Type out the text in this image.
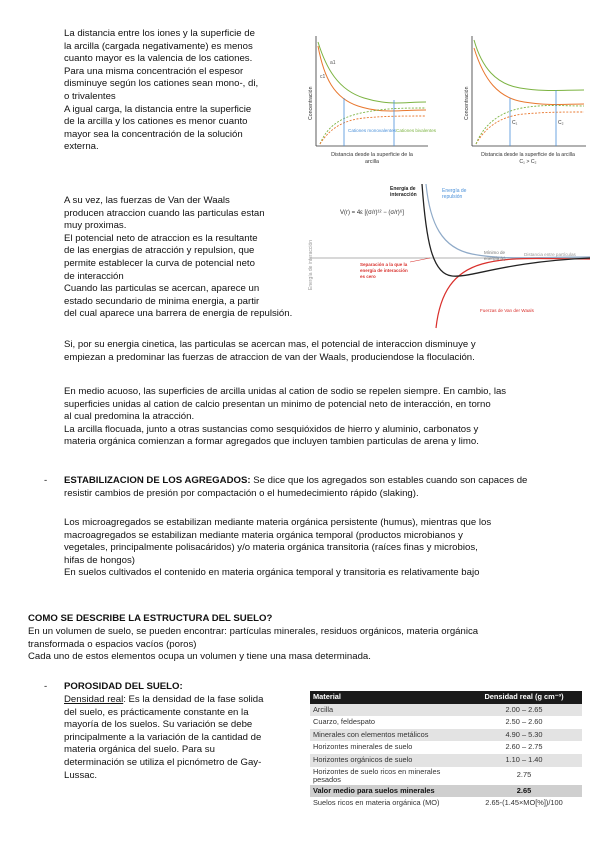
La distancia entre los iones y la superficie de
la arcilla (cargada negativamente) es menos
cuanto mayor es la valencia de los cationes.
Para una misma concentración el espesor
disminuye según los cationes sean mono-, di,
o trivalentes
A igual carga, la distancia entre la superficie
de la arcilla y los cationes es menor cuanto
mayor sea la concentración de la solución
externa.
c1
a1
Concentración
Cationes monovalentes Cationes bivalentes
Distancia desde la superficie de la
arcilla
Concentración
C₁	C₂
Distancia desde la superficie de la arcilla
C₁ > C₂
A su vez, las fuerzas de Van der Waals
producen atraccion cuando las particulas estan
muy proximas.
El potencial neto de atraccion es la resultante
de las energias de atracción y repulsion, que
permite establecer la curva de potencial neto
de interacción
Cuando las particulas se acercan, aparece un
estado secundario de minima energia, a partir
del cual aparece una barrera de energia de repulsión.
Energía de interacción
V(r) = 4ε [(σ/r)¹² − (σ/r)⁶]
Energía de
interacción
Energía de
repulsión
Separación a la que la
energía de interacción
es cero
Mínimo de
energía (ε)
Distancia entre partículas
Fuerzas de Van der Waals
Si, por su energia cinetica, las particulas se acercan mas, el potencial de interaccion disminuye y
empiezan a predominar las fuerzas de atraccion de van der Waals, produciendose la floculación.
En medio acuoso, las superficies de arcilla unidas al cation de sodio se repelen siempre. En cambio, las
superficies unidas al cation de calcio presentan un minimo de potencial neto de interacción, en torno
al cual predomina la atracción.
La arcilla flocuada, junto a otras sustancias como sesquióxidos de hierro y aluminio, carbonatos y
materia orgánica comienzan a formar agregados que incluyen tambien particulas de arena y limo.
- ESTABILIZACION DE LOS AGREGADOS: Se dice que los agregados son estables cuando son capaces de
resistir cambios de presión por compactación o el humedecimiento rápido (slaking).
Los microagregados se estabilizan mediante materia orgánica persistente (humus), mientras que los
macroagregados se estabilizan mediante materia orgánica temporal (productos microbianos y
vegetales, principalmente polisacáridos) y/o materia orgánica transitoria (raíces finas y microbios,
hifas de hongos)
En suelos cultivados el contenido en materia orgánica temporal y transitoria es relativamente bajo
COMO SE DESCRIBE LA ESTRUCTURA DEL SUELO?
En un volumen de suelo, se pueden encontrar: partículas minerales, residuos orgánicos, materia orgánica
transformada o espacios vacíos (poros)
Cada uno de estos elementos ocupa un volumen y tiene una masa determinada.
- POROSIDAD DEL SUELO:
Densidad real: Es la densidad de la fase solida
del suelo, es prácticamente constante en la
mayoría de los suelos. Su variación se debe
principalmente a la variación de la cantidad de
materia orgánica del suelo. Para su
determinación se utiliza el picnómetro de Gay-
Lussac.
Material	Densidad real (g cm⁻³)
Arcilla	2.00 – 2.65
Cuarzo, feldespato	2.50 – 2.60
Minerales con elementos metálicos	4.90 – 5.30
Horizontes minerales de suelo	2.60 – 2.75
Horizontes orgánicos de suelo	1.10 – 1.40
Horizontes de suelo ricos en minerales pesados	2.75
Valor medio para suelos minerales	2.65
Suelos ricos en materia orgánica (MO)	2.65-(1.45×MO[%])/100
